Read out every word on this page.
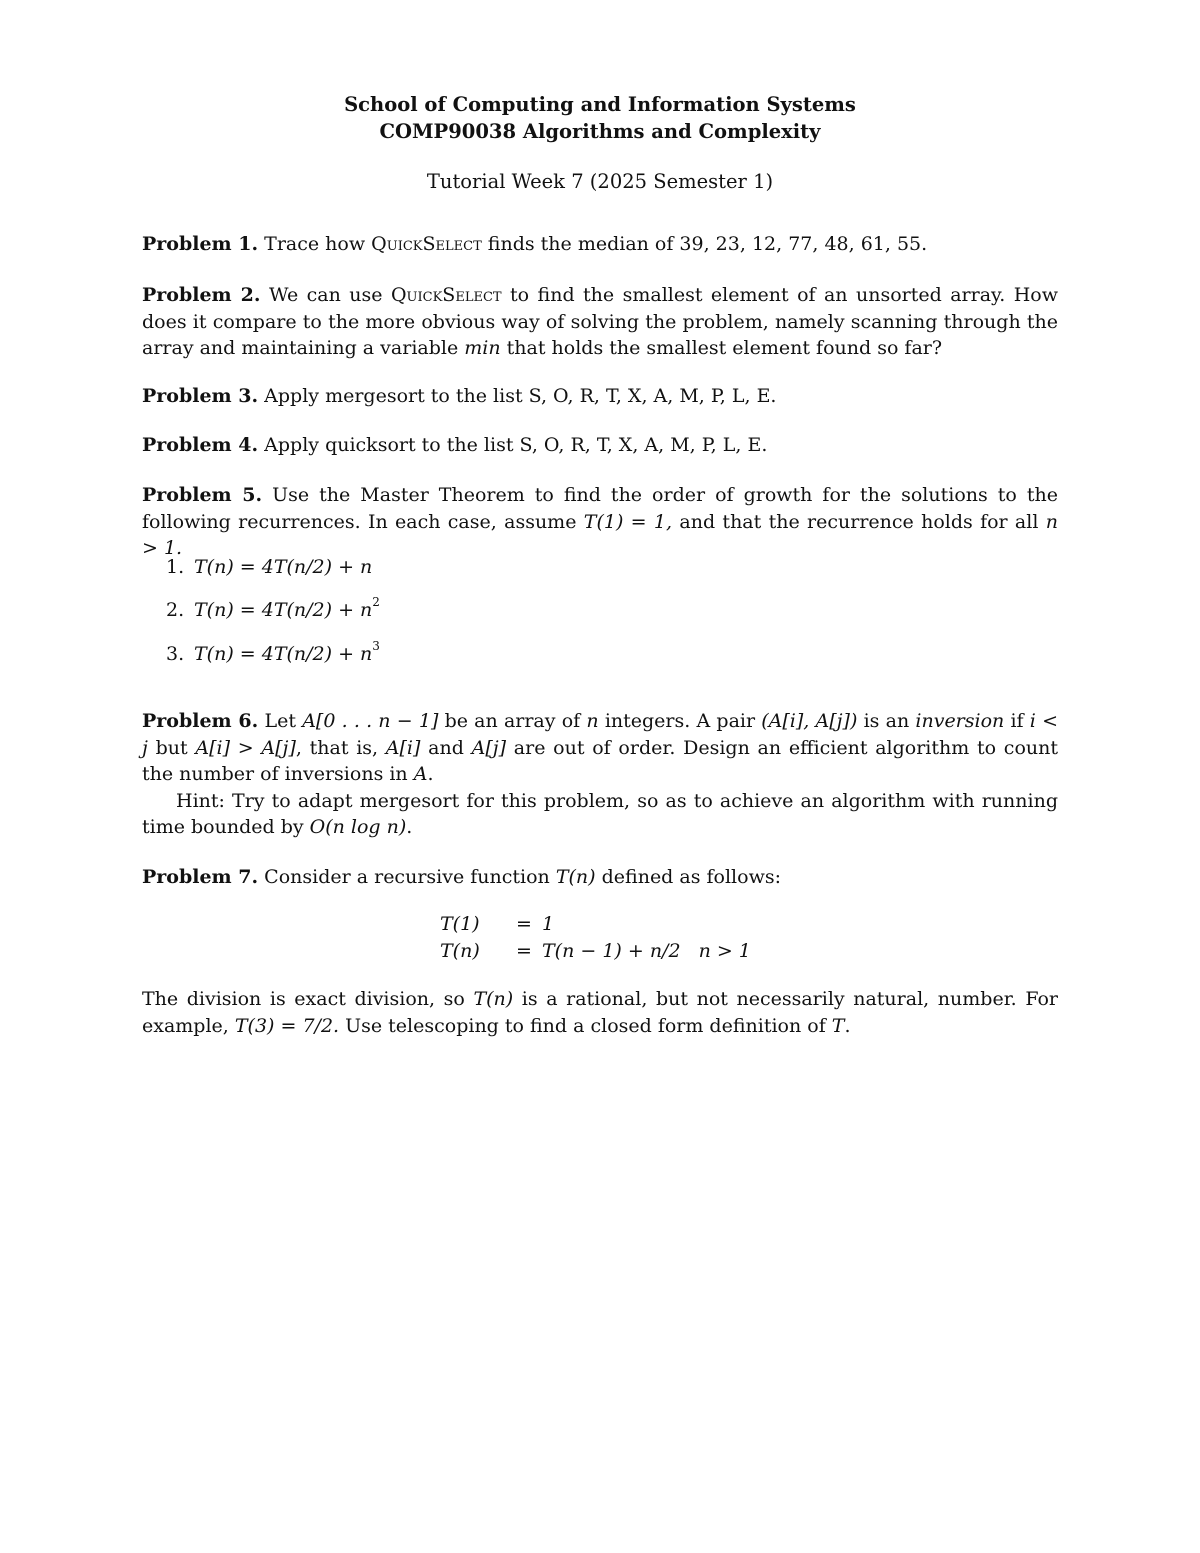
School of Computing and Information Systems
COMP90038 Algorithms and Complexity
Tutorial Week 7 (2025 Semester 1)
Problem 1. Trace how QuickSelect finds the median of 39, 23, 12, 77, 48, 61, 55.
Problem 2. We can use QuickSelect to find the smallest element of an unsorted array. How does it compare to the more obvious way of solving the problem, namely scanning through the array and maintaining a variable min that holds the smallest element found so far?
Problem 3. Apply mergesort to the list S, O, R, T, X, A, M, P, L, E.
Problem 4. Apply quicksort to the list S, O, R, T, X, A, M, P, L, E.
Problem 5. Use the Master Theorem to find the order of growth for the solutions to the following recurrences. In each case, assume T(1) = 1, and that the recurrence holds for all n > 1.
1. T(n) = 4T(n/2) + n
2. $T(n) = 4T(n/2) + n^2$
3. $T(n) = 4T(n/2) + n^3$
Problem 6. Let A[0 . . . n − 1] be an array of n integers. A pair (A[i], A[j]) is an inversion if i < j but A[i] > A[j], that is, A[i] and A[j] are out of order. Design an efficient algorithm to count the number of inversions in A.
Hint: Try to adapt mergesort for this problem, so as to achieve an algorithm with running time bounded by O(n log n).
Problem 7. Consider a recursive function T(n) defined as follows:
T(1)	=	1	
T(n)	=	T(n − 1) + n/2	n > 1
The division is exact division, so T(n) is a rational, but not necessarily natural, number. For example, T(3) = 7/2. Use telescoping to find a closed form definition of T.
